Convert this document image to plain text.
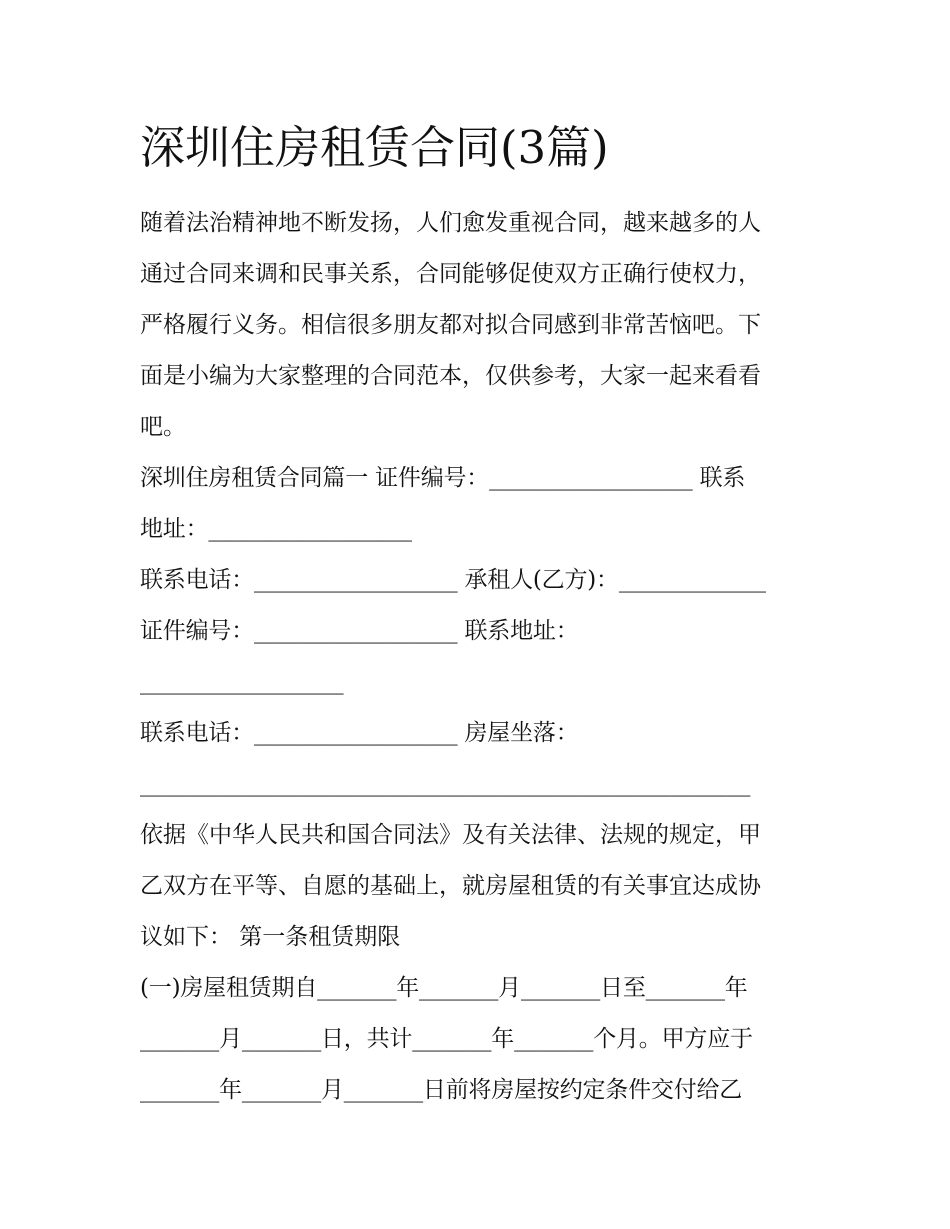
深圳住房租赁合同(3篇)
随着法治精神地不断发扬，人们愈发重视合同，越来越多的人
通过合同来调和民事关系，合同能够促使双方正确行使权力，
严格履行义务。相信很多朋友都对拟合同感到非常苦恼吧。下
面是小编为大家整理的合同范本，仅供参考，大家一起来看看
吧。
深圳住房租赁合同篇一 证件编号：__________________ 联系
地址：__________________
联系电话：__________________ 承租人(乙方)：_____________
证件编号：__________________ 联系地址：
__________________
联系电话：__________________ 房屋坐落：
______________________________________________________
依据《中华人民共和国合同法》及有关法律、法规的规定，甲
乙双方在平等、自愿的基础上，就房屋租赁的有关事宜达成协
议如下： 第一条租赁期限
(一)房屋租赁期自_______年_______月_______日至_______年
_______月_______日，共计_______年_______个月。甲方应于
_______年_______月_______日前将房屋按约定条件交付给乙
